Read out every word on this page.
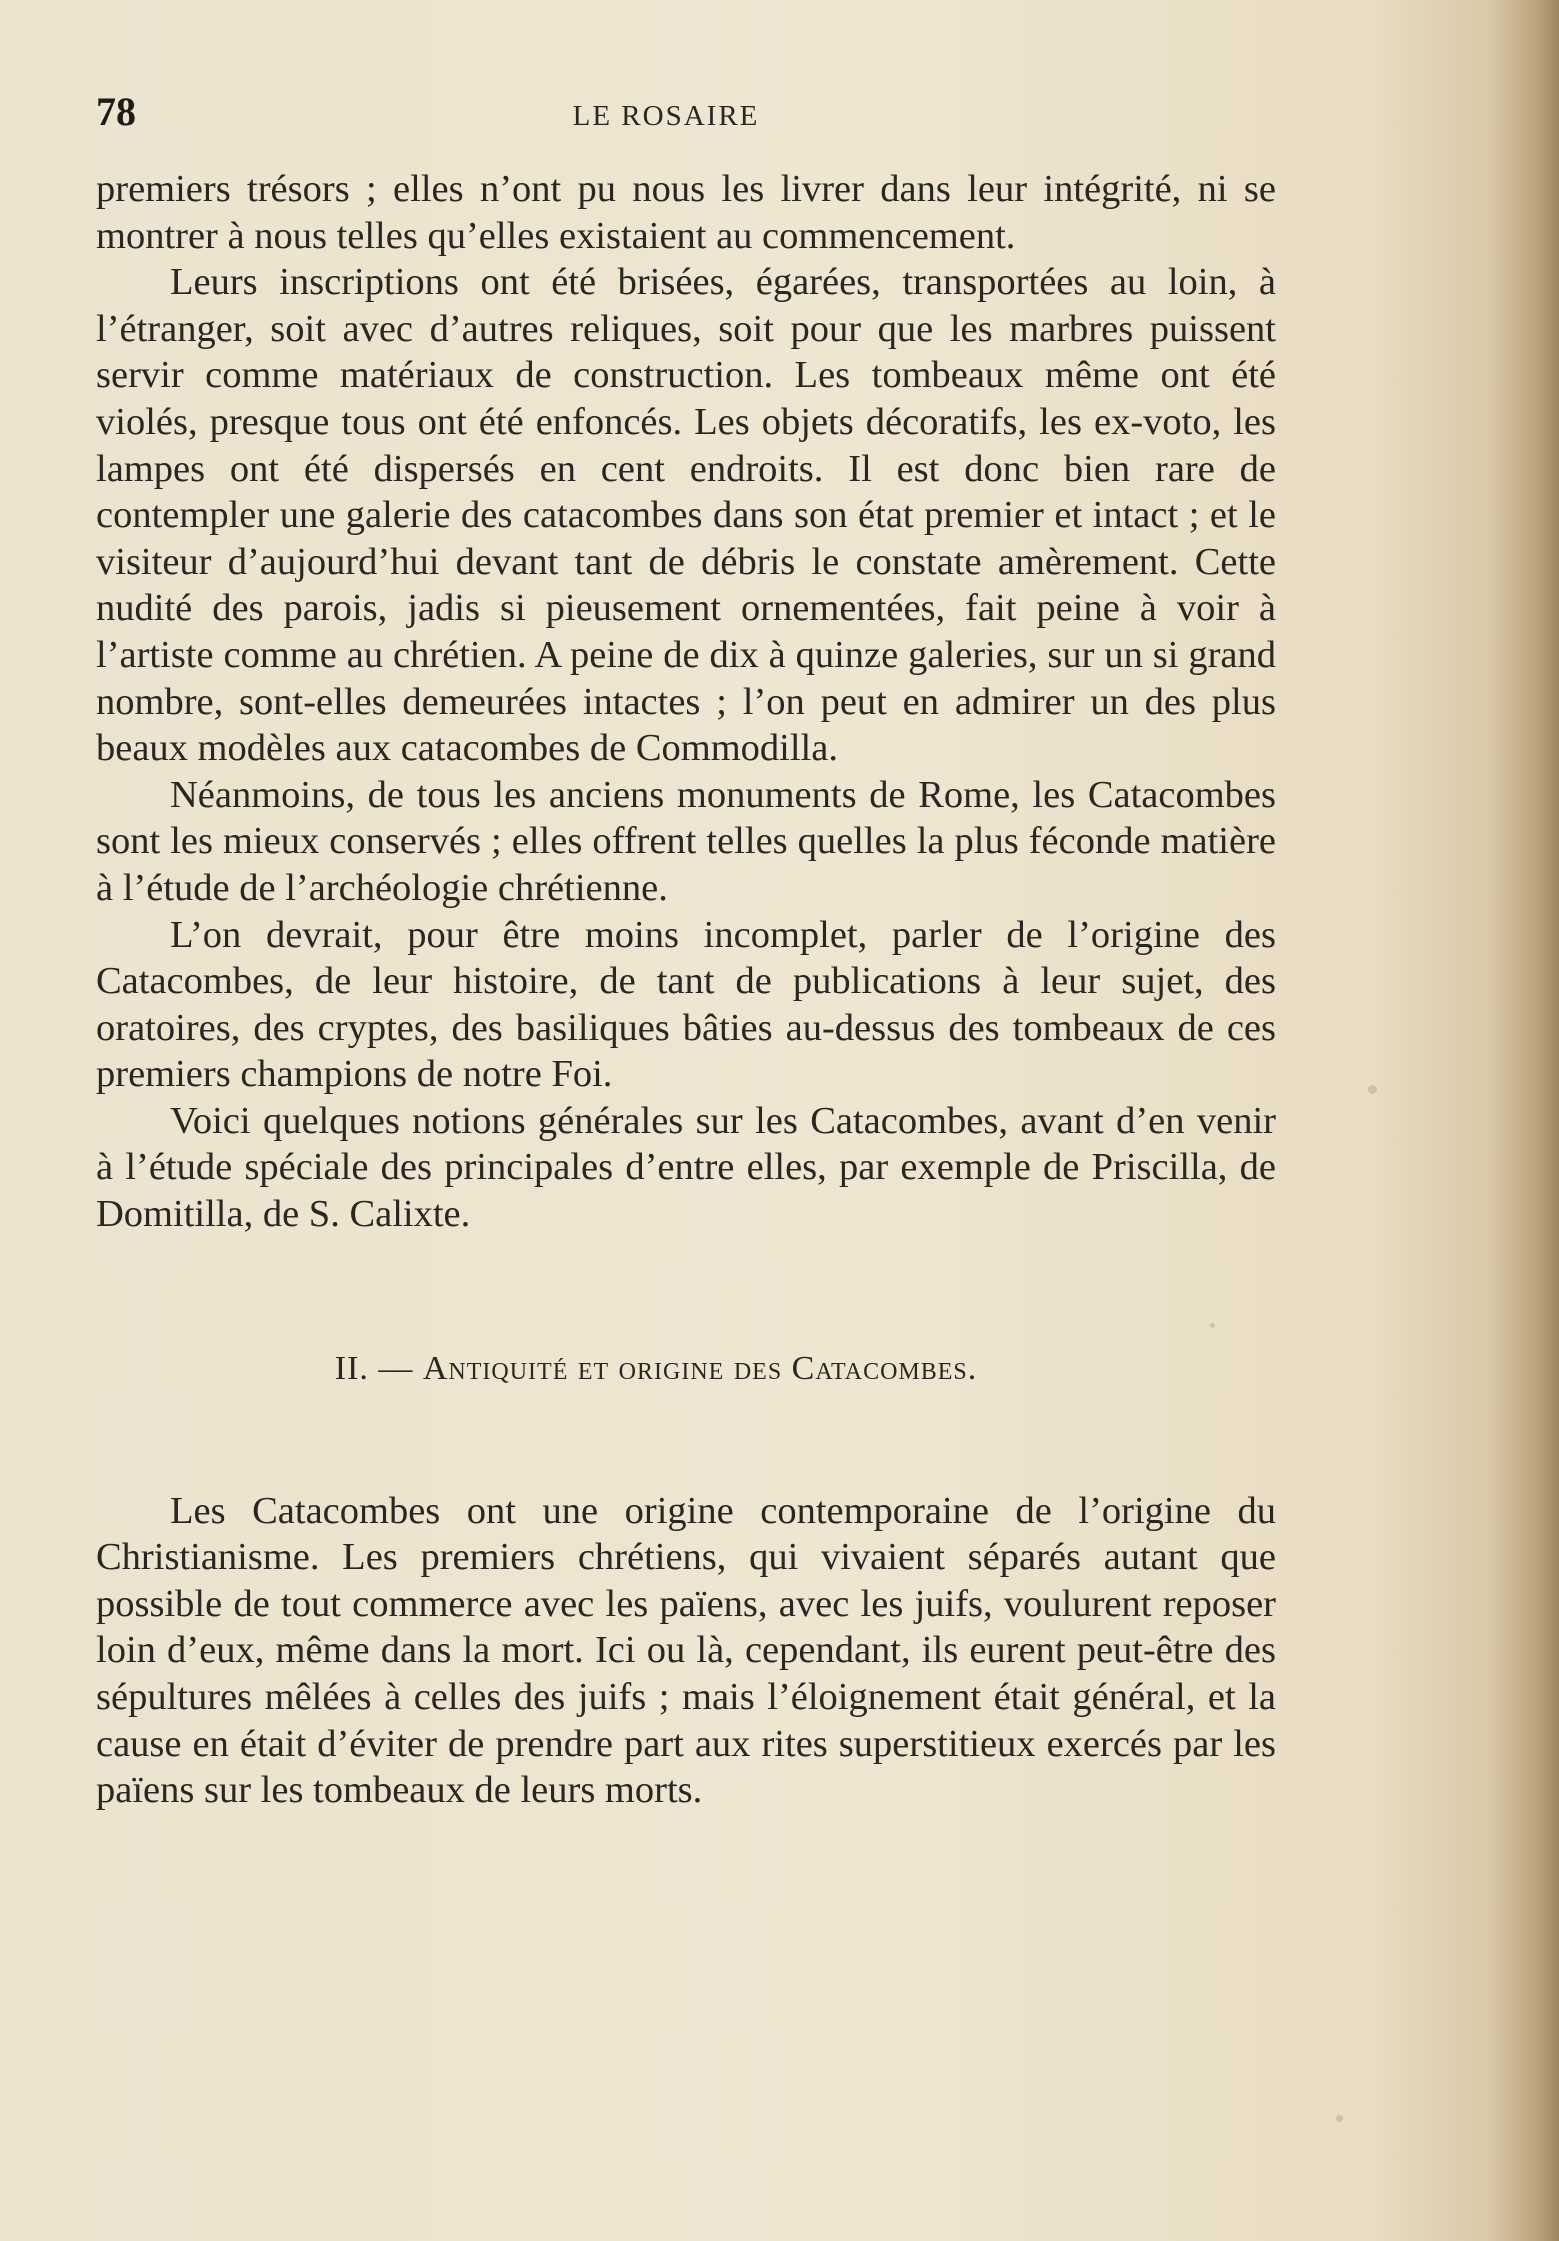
78	LE ROSAIRE

premiers trésors ; elles n’ont pu nous les livrer dans leur intégrité, ni se montrer à nous telles qu’elles existaient au commencement.

Leurs inscriptions ont été brisées, égarées, transportées au loin, à l’étranger, soit avec d’autres reliques, soit pour que les marbres puissent servir comme matériaux de construction. Les tombeaux même ont été violés, presque tous ont été enfoncés. Les objets décoratifs, les ex-voto, les lampes ont été dispersés en cent endroits. Il est donc bien rare de contempler une galerie des catacombes dans son état premier et intact ; et le visiteur d’aujourd’hui devant tant de débris le constate amèrement. Cette nudité des parois, jadis si pieusement ornementées, fait peine à voir à l’artiste comme au chrétien. A peine de dix à quinze galeries, sur un si grand nombre, sont-elles demeurées intactes ; l’on peut en admirer un des plus beaux modèles aux catacombes de Commodilla.

Néanmoins, de tous les anciens monuments de Rome, les Catacombes sont les mieux conservés ; elles offrent telles quelles la plus féconde matière à l’étude de l’archéologie chrétienne.

L’on devrait, pour être moins incomplet, parler de l’origine des Catacombes, de leur histoire, de tant de publications à leur sujet, des oratoires, des cryptes, des basiliques bâties au-dessus des tombeaux de ces premiers champions de notre Foi.

Voici quelques notions générales sur les Catacombes, avant d’en venir à l’étude spéciale des principales d’entre elles, par exemple de Priscilla, de Domitilla, de S. Calixte.

II. — Antiquité et origine des Catacombes.

Les Catacombes ont une origine contemporaine de l’origine du Christianisme. Les premiers chrétiens, qui vivaient séparés autant que possible de tout commerce avec les païens, avec les juifs, voulurent reposer loin d’eux, même dans la mort. Ici ou là, cependant, ils eurent peut-être des sépultures mêlées à celles des juifs ; mais l’éloignement était général, et la cause en était d’éviter de prendre part aux rites superstitieux exercés par les païens sur les tombeaux de leurs morts.
